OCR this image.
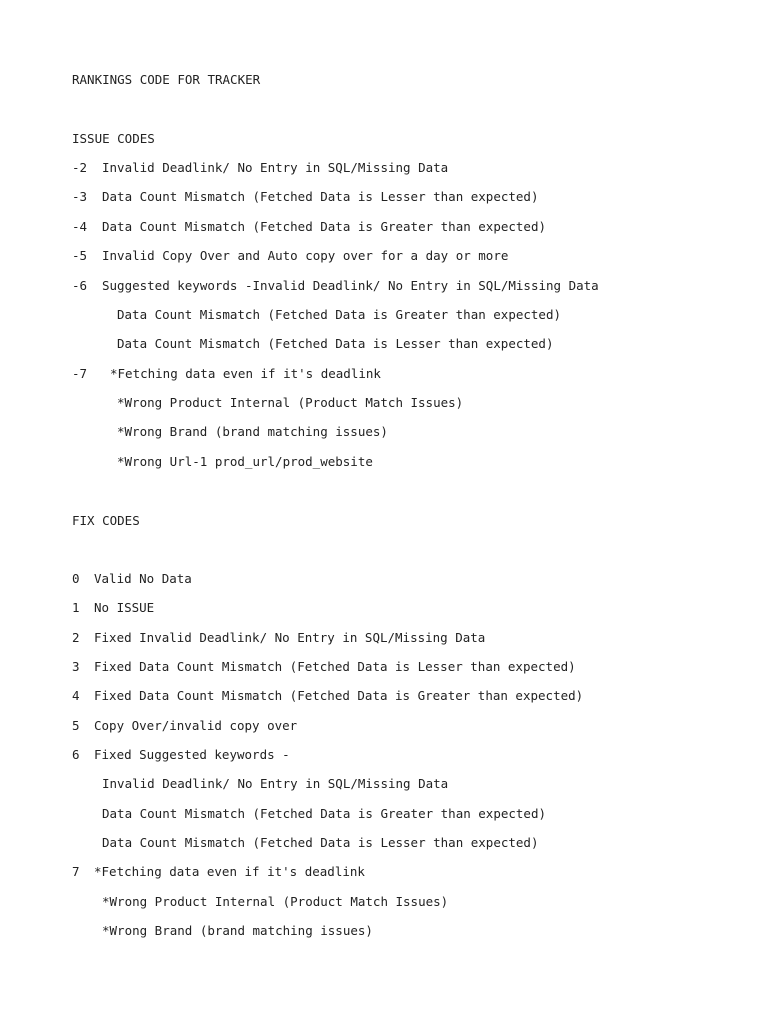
RANKINGS CODE FOR TRACKER
ISSUE CODES
-2 Invalid Deadlink/ No Entry in SQL/Missing Data
-3 Data Count Mismatch (Fetched Data is Lesser than expected)
-4 Data Count Mismatch (Fetched Data is Greater than expected)
-5 Invalid Copy Over and Auto copy over for a day or more
-6 Suggested keywords -Invalid Deadlink/ No Entry in SQL/Missing Data
Data Count Mismatch (Fetched Data is Greater than expected)
Data Count Mismatch (Fetched Data is Lesser than expected)
-7 *Fetching data even if it's deadlink
*Wrong Product Internal (Product Match Issues)
*Wrong Brand (brand matching issues)
*Wrong Url-1 prod_url/prod_website
FIX CODES
0 Valid No Data
1 No ISSUE
2 Fixed Invalid Deadlink/ No Entry in SQL/Missing Data
3 Fixed Data Count Mismatch (Fetched Data is Lesser than expected)
4 Fixed Data Count Mismatch (Fetched Data is Greater than expected)
5 Copy Over/invalid copy over
6 Fixed Suggested keywords -
Invalid Deadlink/ No Entry in SQL/Missing Data
Data Count Mismatch (Fetched Data is Greater than expected)
Data Count Mismatch (Fetched Data is Lesser than expected)
7 *Fetching data even if it's deadlink
*Wrong Product Internal (Product Match Issues)
*Wrong Brand (brand matching issues)
